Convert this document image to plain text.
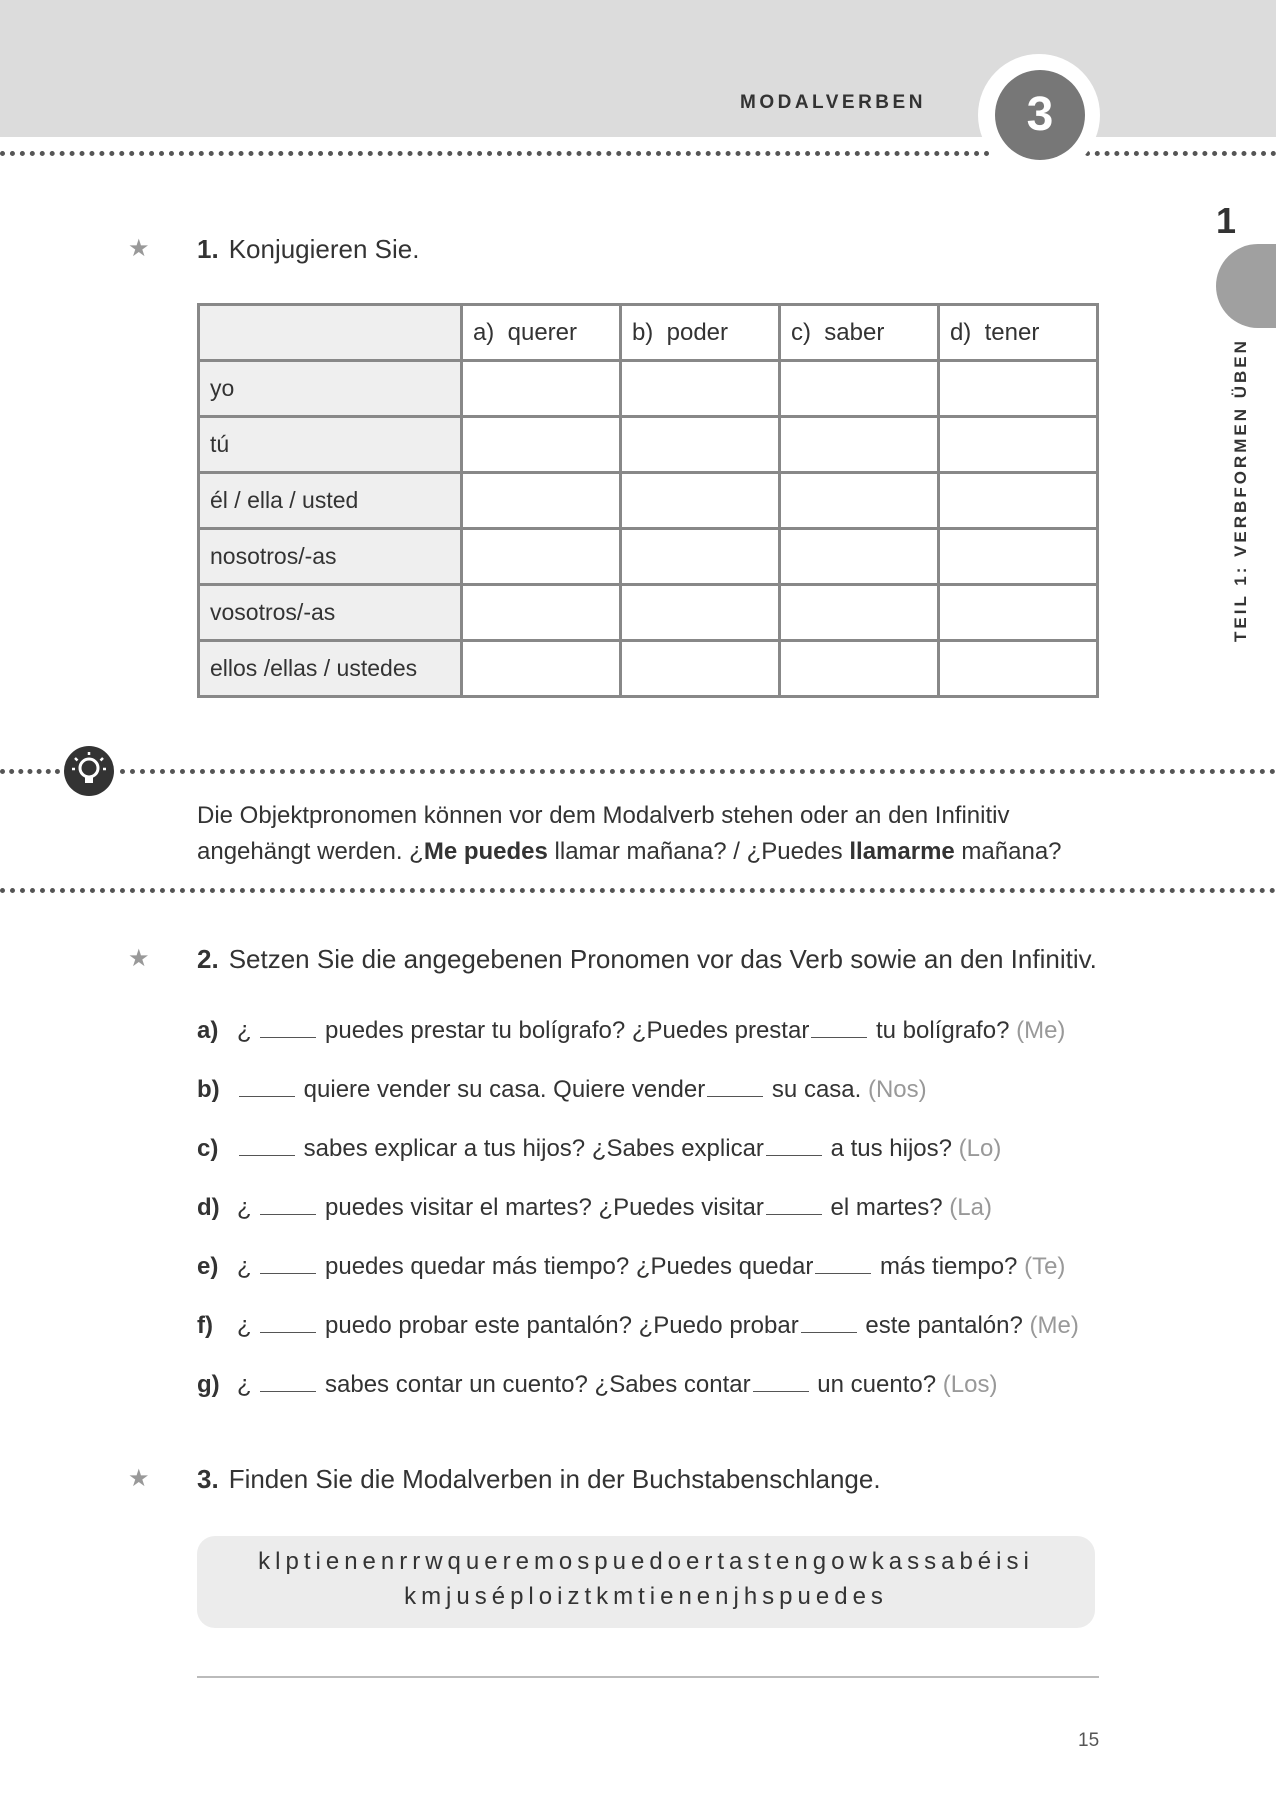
MODALVERBEN	3
1
TEIL 1: VERBFORMEN ÜBEN
★ 1. Konjugieren Sie.
	a) querer	b) poder	c) saber	d) tener
yo				
tú				
él / ella / usted				
nosotros/-as				
vosotros/-as				
ellos /ellas / ustedes				
Die Objektpronomen können vor dem Modalverb stehen oder an den Infinitiv
angehängt werden. ¿Me puedes llamar mañana? / ¿Puedes llamarme mañana?
★ 2. Setzen Sie die angegebenen Pronomen vor das Verb sowie an den Infinitiv.
a) ¿	puedes prestar tu bolígrafo? ¿Puedes prestar	tu bolígrafo? (Me)
b)	quiere vender su casa. Quiere vender	su casa. (Nos)
c)	sabes explicar a tus hijos? ¿Sabes explicar	a tus hijos? (Lo)
d) ¿	puedes visitar el martes? ¿Puedes visitar	el martes? (La)
e) ¿	puedes quedar más tiempo? ¿Puedes quedar	más tiempo? (Te)
f) ¿	puedo probar este pantalón? ¿Puedo probar	este pantalón? (Me)
g) ¿	sabes contar un cuento? ¿Sabes contar	un cuento? (Los)
★ 3. Finden Sie die Modalverben in der Buchstabenschlange.
klptienenrrwqueremospuedoertastengowkassabéisi
kmjuséploiztkmtienenjhspuedes
15
